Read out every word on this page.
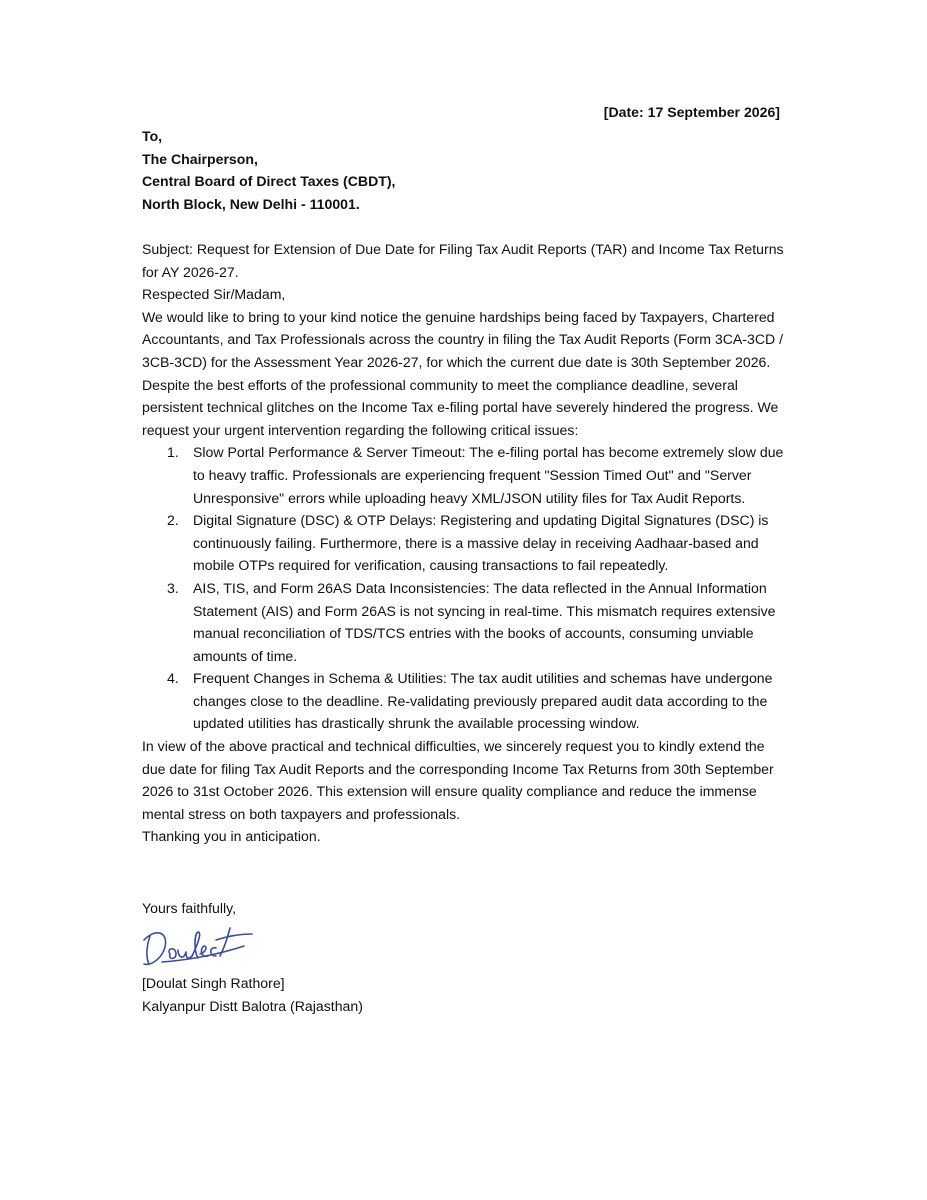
[Date: 17 September 2026]
To,
The Chairperson,
Central Board of Direct Taxes (CBDT),
North Block, New Delhi - 110001.

Subject: Request for Extension of Due Date for Filing Tax Audit Reports (TAR) and Income Tax Returns for AY 2026-27.

Respected Sir/Madam,

We would like to bring to your kind notice the genuine hardships being faced by Taxpayers, Chartered Accountants, and Tax Professionals across the country in filing the Tax Audit Reports (Form 3CA-3CD / 3CB-3CD) for the Assessment Year 2026-27, for which the current due date is 30th September 2026. Despite the best efforts of the professional community to meet the compliance deadline, several persistent technical glitches on the Income Tax e-filing portal have severely hindered the progress. We request your urgent intervention regarding the following critical issues:

1. Slow Portal Performance & Server Timeout: The e-filing portal has become extremely slow due to heavy traffic. Professionals are experiencing frequent "Session Timed Out" and "Server Unresponsive" errors while uploading heavy XML/JSON utility files for Tax Audit Reports.
2. Digital Signature (DSC) & OTP Delays: Registering and updating Digital Signatures (DSC) is continuously failing. Furthermore, there is a massive delay in receiving Aadhaar-based and mobile OTPs required for verification, causing transactions to fail repeatedly.
3. AIS, TIS, and Form 26AS Data Inconsistencies: The data reflected in the Annual Information Statement (AIS) and Form 26AS is not syncing in real-time. This mismatch requires extensive manual reconciliation of TDS/TCS entries with the books of accounts, consuming unviable amounts of time.
4. Frequent Changes in Schema & Utilities: The tax audit utilities and schemas have undergone changes close to the deadline. Re-validating previously prepared audit data according to the updated utilities has drastically shrunk the available processing window.

In view of the above practical and technical difficulties, we sincerely request you to kindly extend the due date for filing Tax Audit Reports and the corresponding Income Tax Returns from 30th September 2026 to 31st October 2026. This extension will ensure quality compliance and reduce the immense mental stress on both taxpayers and professionals.

Thanking you in anticipation.

Yours faithfully,
[Doulat Singh Rathore]
Kalyanpur Distt Balotra (Rajasthan)
